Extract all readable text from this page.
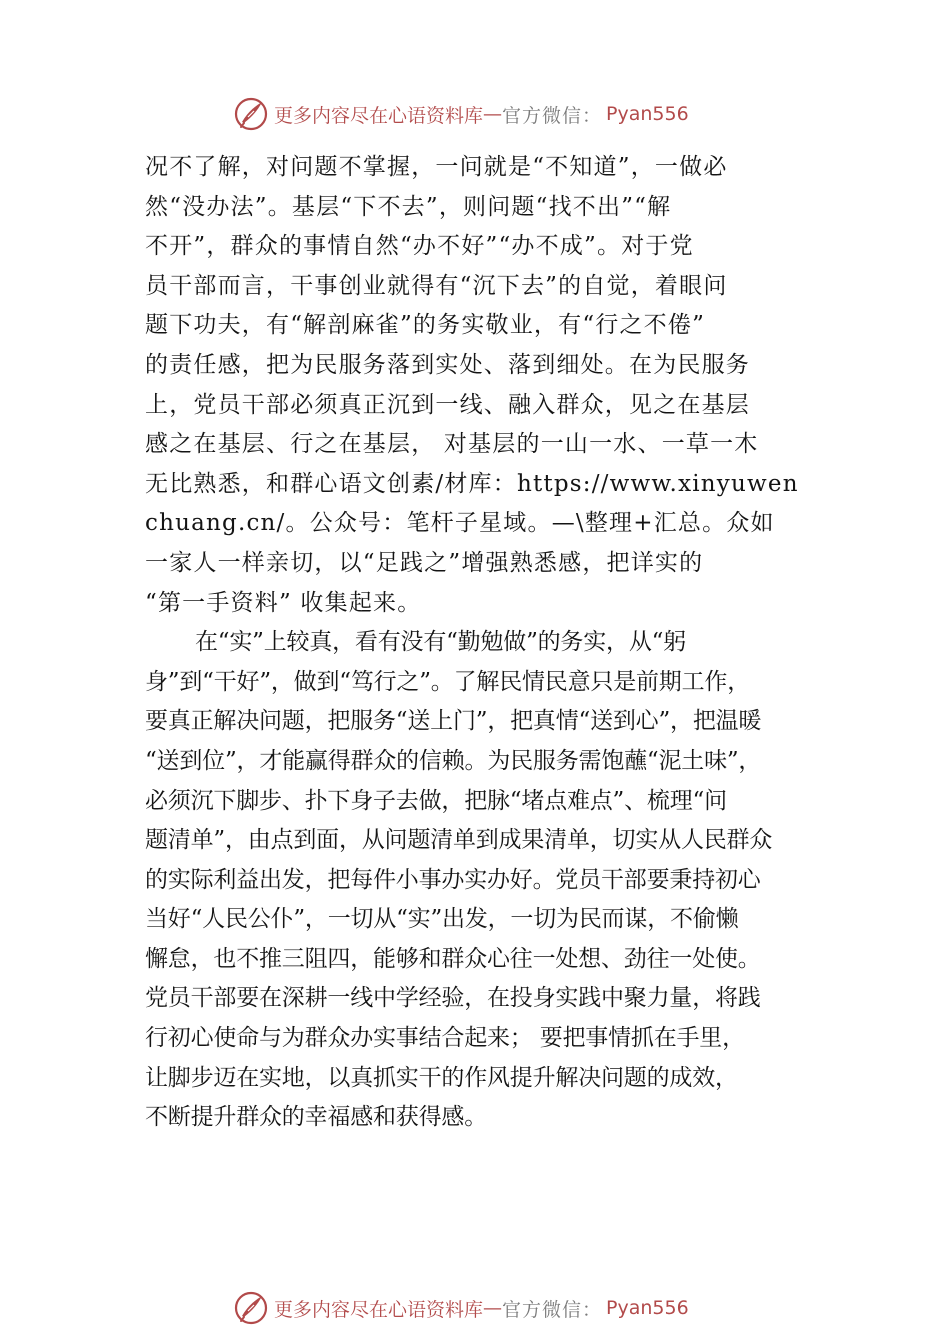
更多内容尽在心语资料库 — 官方微信： Pyan556
况不了解，对问题不掌握，一问就是“不知道”，一做必
然“没办法”。基层“下不去”，则问题“找不出”“解
不开”，群众的事情自然“办不好”“办不成”。对于党
员干部而言，干事创业就得有“沉下去”的自觉，着眼问
题下功夫，有“解剖麻雀”的务实敬业，有“行之不倦”
的责任感，把为民服务落到实处、落到细处。在为民服务
上，党员干部必须真正沉到一线、融入群众，见之在基层
感之在基层、行之在基层， 对基层的一山一水、一草一木
无比熟悉，和群心语文创素/材库：https://www.xinyuwen
chuang.cn/。公众号：笔杆子星域。—\整理+汇总。众如
一家人一样亲切，以“足践之”增强熟悉感，把详实的
“第一手资料” 收集起来。
在“实”上较真，看有没有“勤勉做”的务实，从“躬
身”到“干好”，做到“笃行之”。了解民情民意只是前期工作，
要真正解决问题，把服务“送上门”，把真情“送到心”，把温暖
“送到位”，才能赢得群众的信赖。为民服务需饱蘸“泥土味”，
必须沉下脚步、扑下身子去做，把脉“堵点难点”、梳理“问
题清单”，由点到面，从问题清单到成果清单，切实从人民群众
的实际利益出发，把每件小事办实办好。党员干部要秉持初心
当好“人民公仆”，一切从“实”出发，一切为民而谋，不偷懒
懈怠，也不推三阻四，能够和群众心往一处想、劲往一处使。
党员干部要在深耕一线中学经验，在投身实践中聚力量，将践
行初心使命与为群众办实事结合起来； 要把事情抓在手里，
让脚步迈在实地，以真抓实干的作风提升解决问题的成效，
不断提升群众的幸福感和获得感。
更多内容尽在心语资料库 — 官方微信： Pyan556
